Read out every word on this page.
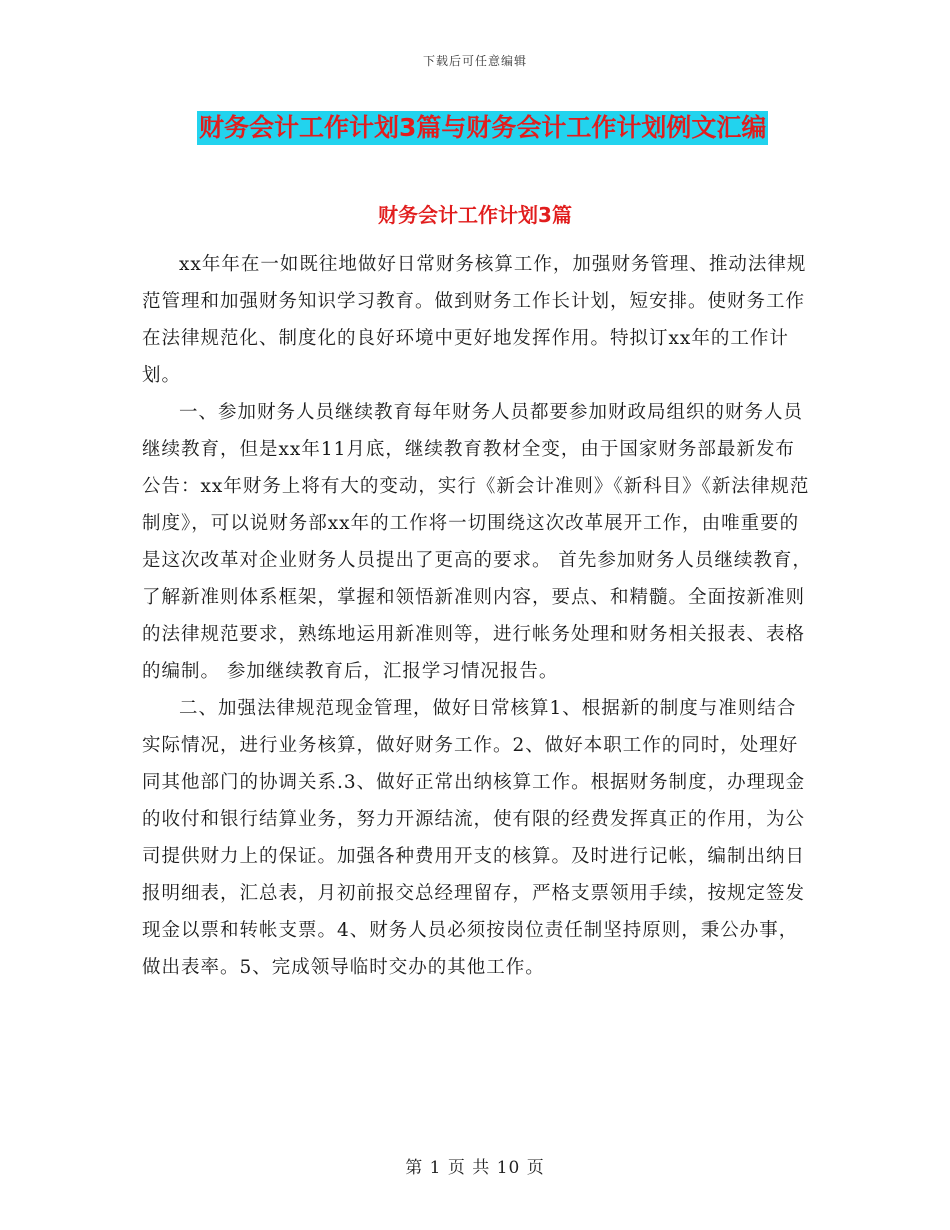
下载后可任意编辑
财务会计工作计划3篇与财务会计工作计划例文汇编
财务会计工作计划3篇

xx年年在一如既往地做好日常财务核算工作，加强财务管理、推动法律规范管理和加强财务知识学习教育。做到财务工作长计划，短安排。使财务工作在法律规范化、制度化的良好环境中更好地发挥作用。特拟订xx年的工作计划。

一、参加财务人员继续教育每年财务人员都要参加财政局组织的财务人员继续教育，但是xx年11月底，继续教育教材全变，由于国家财务部最新发布公告：xx年财务上将有大的变动，实行《新会计准则》《新科目》《新法律规范制度》，可以说财务部xx年的工作将一切围绕这次改革展开工作，由唯重要的是这次改革对企业财务人员提出了更高的要求。 首先参加财务人员继续教育，了解新准则体系框架，掌握和领悟新准则内容，要点、和精髓。全面按新准则的法律规范要求，熟练地运用新准则等，进行帐务处理和财务相关报表、表格的编制。 参加继续教育后，汇报学习情况报告。

二、加强法律规范现金管理，做好日常核算1、根据新的制度与准则结合实际情况，进行业务核算，做好财务工作。2、做好本职工作的同时，处理好同其他部门的协调关系.3、做好正常出纳核算工作。根据财务制度，办理现金的收付和银行结算业务，努力开源结流，使有限的经费发挥真正的作用，为公司提供财力上的保证。加强各种费用开支的核算。及时进行记帐，编制出纳日报明细表，汇总表，月初前报交总经理留存，严格支票领用手续，按规定签发现金以票和转帐支票。4、财务人员必须按岗位责任制坚持原则，秉公办事，做出表率。5、完成领导临时交办的其他工作。

第 1 页 共 10 页
